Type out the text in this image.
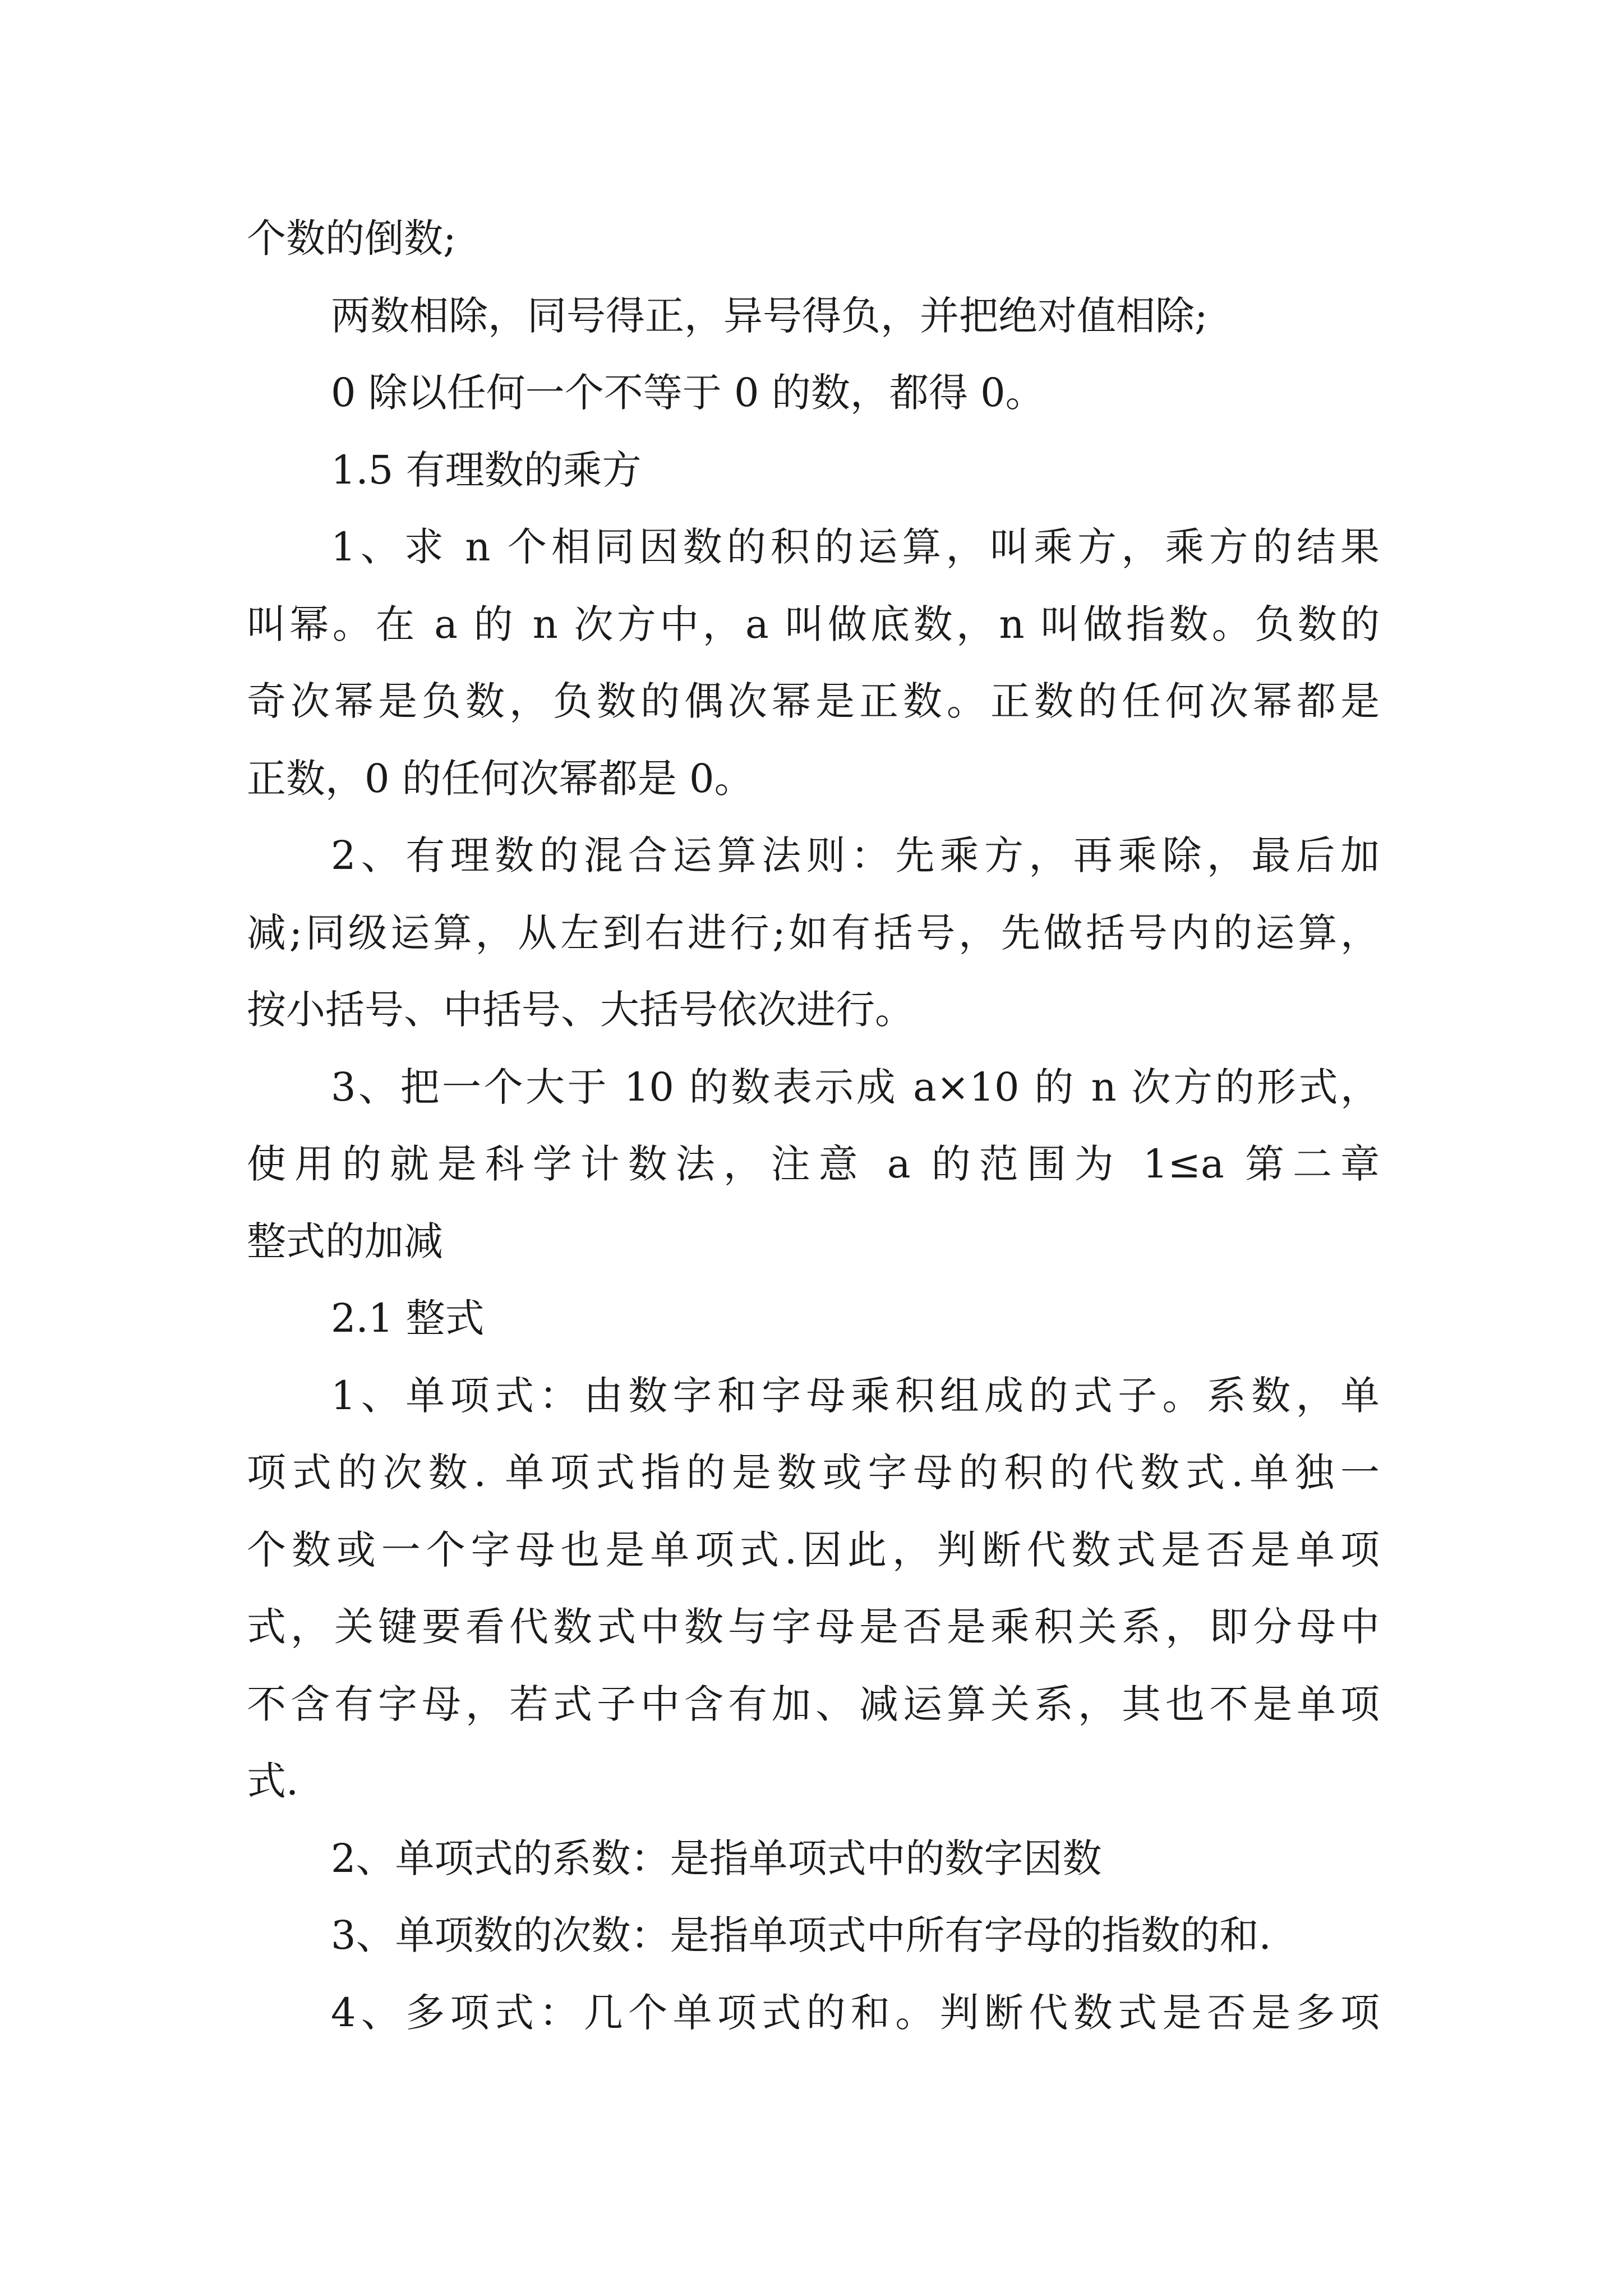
个数的倒数;

两数相除，同号得正，异号得负，并把绝对值相除;

0 除以任何一个不等于 0 的数，都得 0。

1.5 有理数的乘方

1、求 n 个相同因数的积的运算，叫乘方，乘方的结果

叫幂。在 a 的 n 次方中，a 叫做底数，n 叫做指数。负数的

奇次幂是负数，负数的偶次幂是正数。正数的任何次幂都是

正数，0 的任何次幂都是 0。

2、有理数的混合运算法则：先乘方，再乘除，最后加

减;同级运算，从左到右进行;如有括号，先做括号内的运算，

按小括号、中括号、大括号依次进行。

3、把一个大于 10 的数表示成 a×10 的 n 次方的形式，

使用的就是科学计数法，注意 a 的范围为 1≤a 第二章

整式的加减

2.1 整式

1、单项式：由数字和字母乘积组成的式子。系数，单

项式的次数. 单项式指的是数或字母的积的代数式.单独一

个数或一个字母也是单项式.因此，判断代数式是否是单项

式，关键要看代数式中数与字母是否是乘积关系，即分母中

不含有字母，若式子中含有加、减运算关系，其也不是单项

式.

2、单项式的系数：是指单项式中的数字因数

3、单项数的次数：是指单项式中所有字母的指数的和.

4、多项式：几个单项式的和。判断代数式是否是多项
